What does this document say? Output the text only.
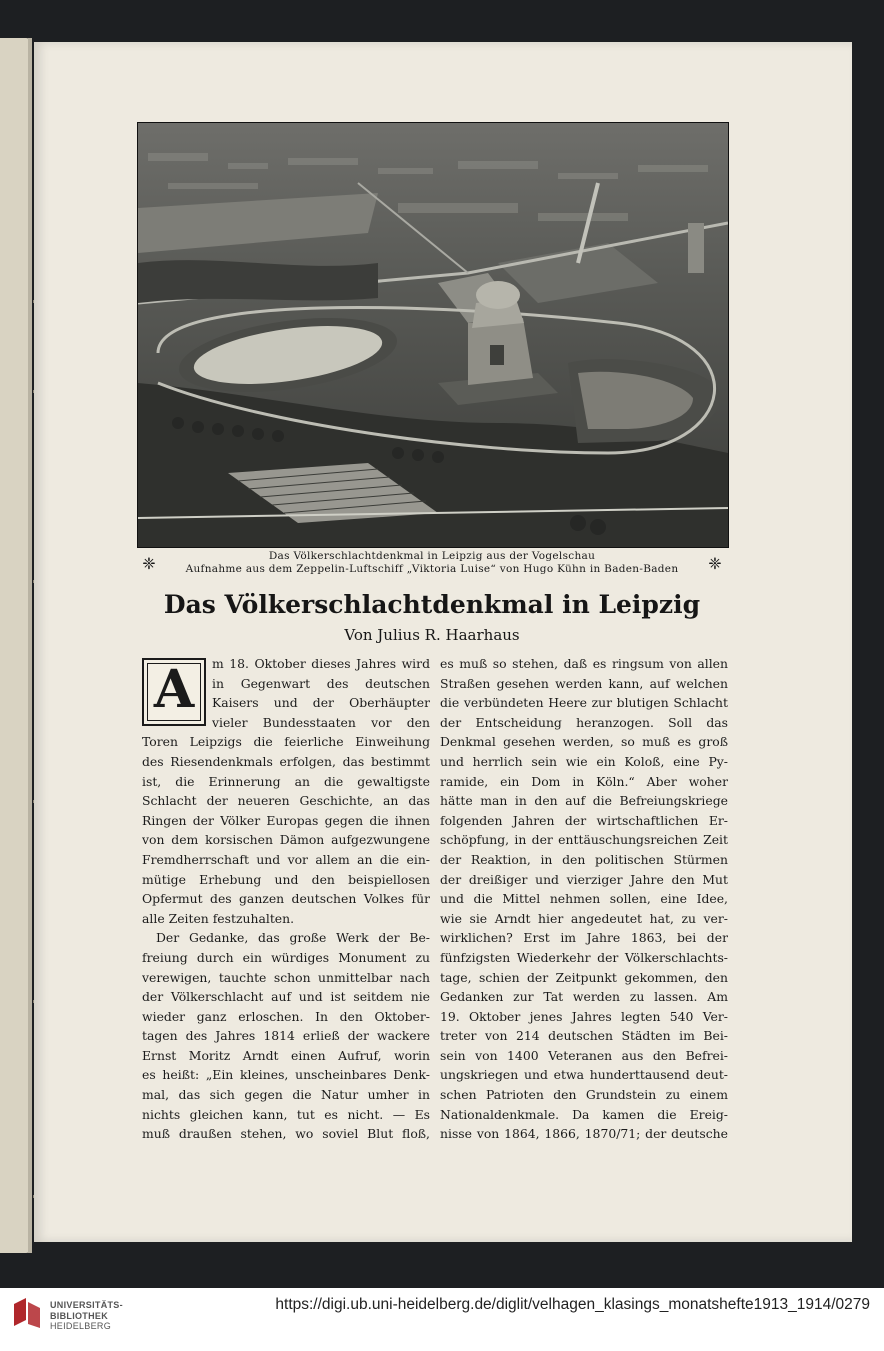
Das Völkerschlachtdenkmal in Leipzig aus der Vogelschau
❈	Aufnahme aus dem Zeppelin-Luftschiff „Viktoria Luise“ von Hugo Kühn in Baden-Baden	❈
Das Völkerschlachtdenkmal in Leipzig
Von Julius R. Haarhaus
A	m 18. Oktober dieses Jahres wird
in Gegenwart des deutschen
Kaisers und der Oberhäupter
vieler Bundesstaaten vor den
Toren Leipzigs die feierliche Einweihung
des Riesendenkmals erfolgen, das bestimmt
ist, die Erinnerung an die gewaltigste
Schlacht der neueren Geschichte, an das
Ringen der Völker Europas gegen die ihnen
von dem korsischen Dämon aufgezwungene
Fremdherrschaft und vor allem an die ein-
mütige Erhebung und den beispiellosen
Opfermut des ganzen deutschen Volkes für
alle Zeiten festzuhalten.
Der Gedanke, das große Werk der Be-
freiung durch ein würdiges Monument zu
verewigen, tauchte schon unmittelbar nach
der Völkerschlacht auf und ist seitdem nie
wieder ganz erloschen. In den Oktober-
tagen des Jahres 1814 erließ der wackere
Ernst Moritz Arndt einen Aufruf, worin
es heißt: „Ein kleines, unscheinbares Denk-
mal, das sich gegen die Natur umher in
nichts gleichen kann, tut es nicht. — Es
muß draußen stehen, wo soviel Blut floß,
es muß so stehen, daß es ringsum von allen
Straßen gesehen werden kann, auf welchen
die verbündeten Heere zur blutigen Schlacht
der Entscheidung heranzogen. Soll das
Denkmal gesehen werden, so muß es groß
und herrlich sein wie ein Koloß, eine Py-
ramide, ein Dom in Köln.“ Aber woher
hätte man in den auf die Befreiungskriege
folgenden Jahren der wirtschaftlichen Er-
schöpfung, in der enttäuschungsreichen Zeit
der Reaktion, in den politischen Stürmen
der dreißiger und vierziger Jahre den Mut
und die Mittel nehmen sollen, eine Idee,
wie sie Arndt hier angedeutet hat, zu ver-
wirklichen? Erst im Jahre 1863, bei der
fünfzigsten Wiederkehr der Völkerschlachts-
tage, schien der Zeitpunkt gekommen, den
Gedanken zur Tat werden zu lassen. Am
19. Oktober jenes Jahres legten 540 Ver-
treter von 214 deutschen Städten im Bei-
sein von 1400 Veteranen aus den Befrei-
ungskriegen und etwa hunderttausend deut-
schen Patrioten den Grundstein zu einem
Nationaldenkmale. Da kamen die Ereig-
nisse von 1864, 1866, 1870/71; der deutsche
UNIVERSITÄTS-
BIBLIOTHEK
HEIDELBERG
https://digi.ub.uni-heidelberg.de/diglit/velhagen_klasings_monatshefte1913_1914/0279
